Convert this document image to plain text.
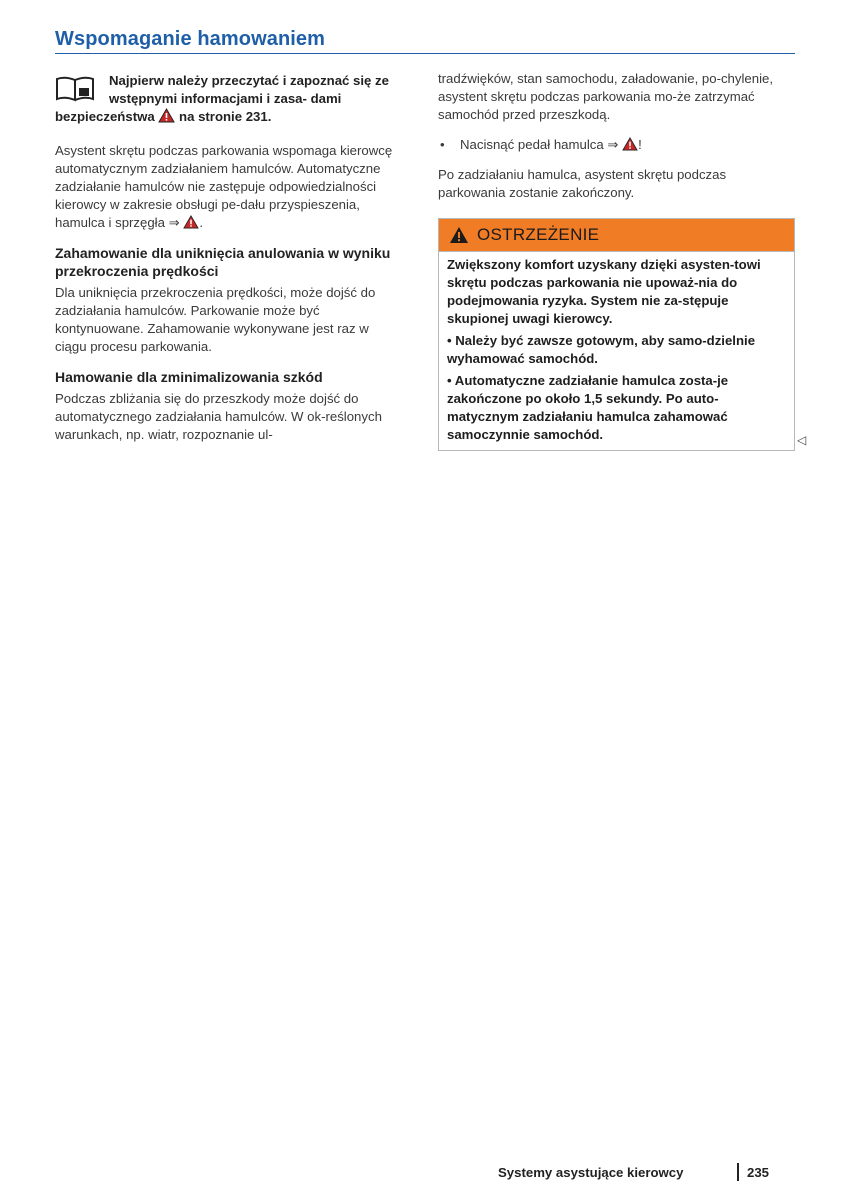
Wspomaganie hamowaniem
Najpierw należy przeczytać i zapoznać się ze wstępnymi informacjami i zasa- dami bezpieczeństwa na stronie 231.

Asystent skrętu podczas parkowania wspomaga kierowcę automatycznym zadziałaniem hamulców. Automatyczne zadziałanie hamulców nie zastępuje odpowiedzialności kierowcy w zakresie obsługi pe-dału przyspieszenia, hamulca i sprzęgła ⇒ .

Zahamowanie dla uniknięcia anulowania w wyniku przekroczenia prędkości

Dla uniknięcia przekroczenia prędkości, może dojść do zadziałania hamulców. Parkowanie może być kontynuowane. Zahamowanie wykonywane jest raz w ciągu procesu parkowania.

Hamowanie dla zminimalizowania szkód

Podczas zbliżania się do przeszkody może dojść do automatycznego zadziałania hamulców. W ok-reślonych warunkach, np. wiatr, rozpoznanie ul-

tradźwięków, stan samochodu, załadowanie, po-chylenie, asystent skrętu podczas parkowania mo-że zatrzymać samochód przed przeszkodą.

• Nacisnąć pedał hamulca ⇒ !

Po zadziałaniu hamulca, asystent skrętu podczas parkowania zostanie zakończony.

OSTRZEŻENIE
Zwiększony komfort uzyskany dzięki asysten-towi skrętu podczas parkowania nie upoważ-nia do podejmowania ryzyka. System nie za-stępuje skupionej uwagi kierowcy.
• Należy być zawsze gotowym, aby samo-dzielnie wyhamować samochód.
• Automatyczne zadziałanie hamulca zosta-je zakończone po około 1,5 sekundy. Po auto-matycznym zadziałaniu hamulca zahamować samoczynnie samochód.	◁
Systemy asystujące kierowcy	235
